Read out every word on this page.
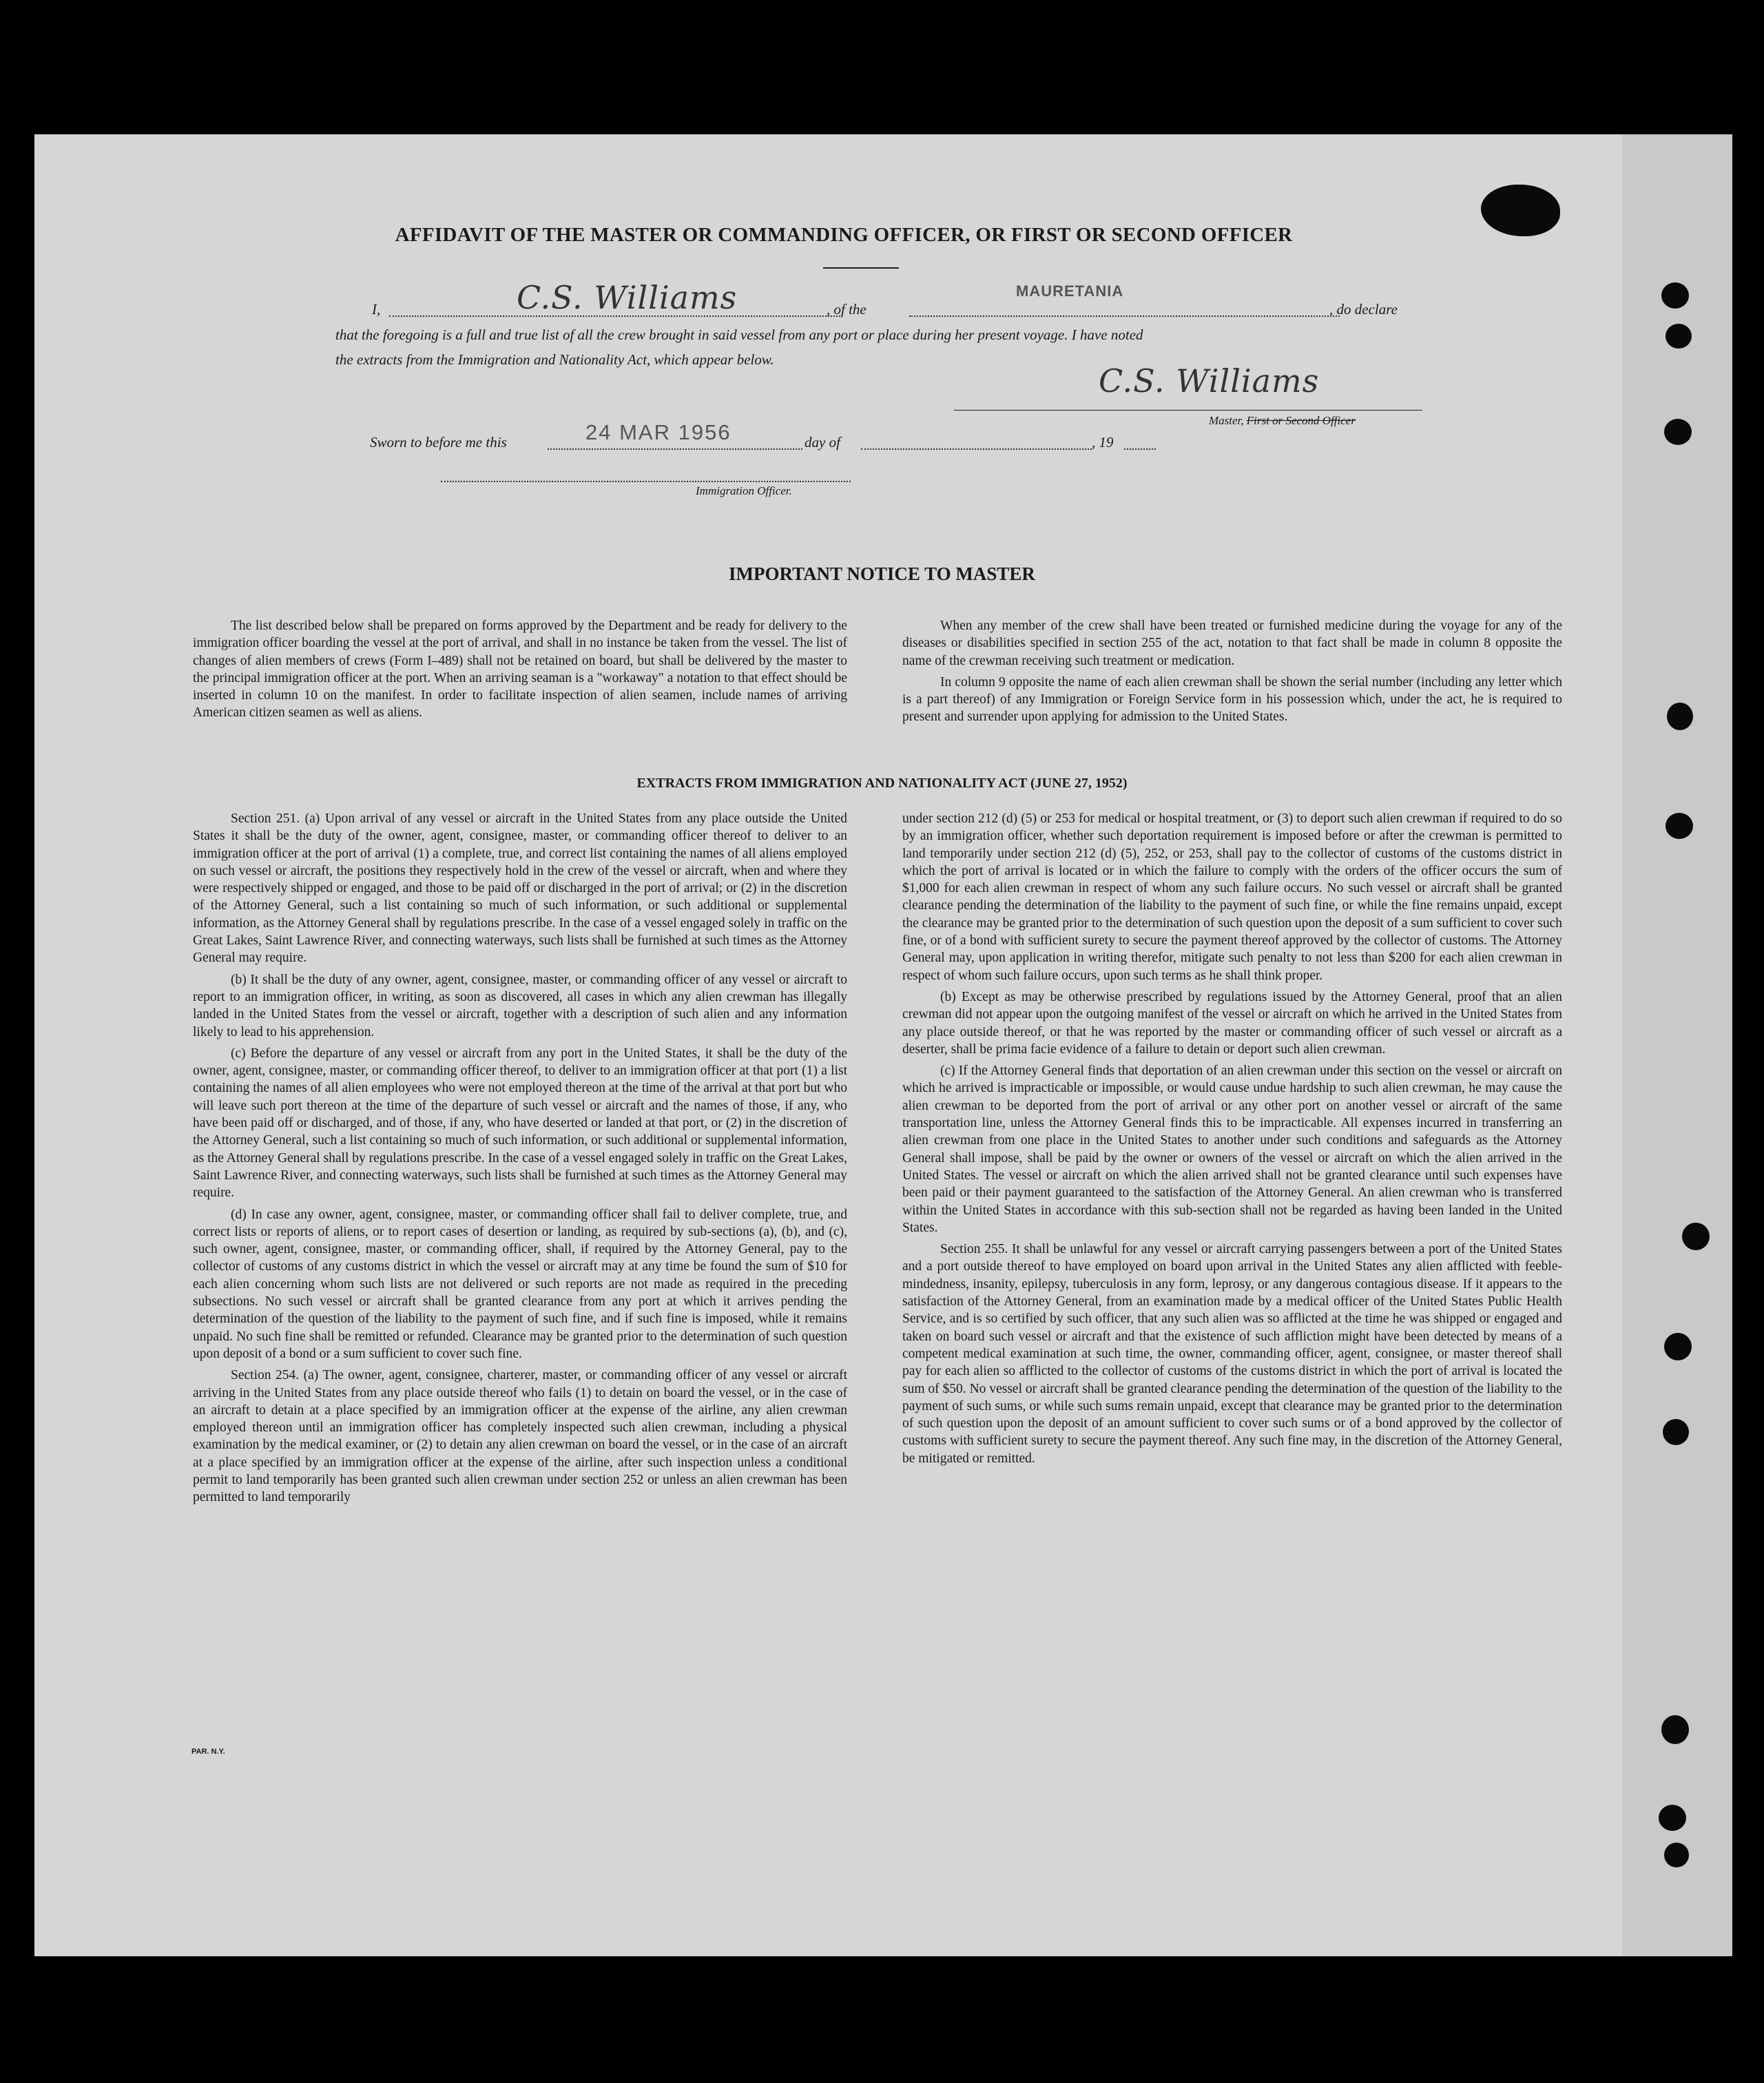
AFFIDAVIT OF THE MASTER OR COMMANDING OFFICER, OR FIRST OR SECOND OFFICER
I,	C.S. Williams	, of the
MAURETANIA
, do declare
that the foregoing is a full and true list of all the crew brought in said vessel from any port or place during her present voyage. I have noted
the extracts from the Immigration and Nationality Act, which appear below.
C.S. Williams
Master, First or Second Officer
Sworn to before me this	24 MAR 1956	day of	, 19
Immigration Officer.
IMPORTANT NOTICE TO MASTER

The list described below shall be prepared on forms approved by the Department and be ready for delivery to the immigration officer boarding the vessel at the port of arrival, and shall in no instance be taken from the vessel. The list of changes of alien members of crews (Form I–489) shall not be retained on board, but shall be delivered by the master to the principal immigration officer at the port. When an arriving seaman is a "workaway" a notation to that effect should be inserted in column 10 on the manifest. In order to facilitate inspection of alien seamen, include names of arriving American citizen seamen as well as aliens.

When any member of the crew shall have been treated or furnished medicine during the voyage for any of the diseases or disabilities specified in section 255 of the act, notation to that fact shall be made in column 8 opposite the name of the crewman receiving such treatment or medication.

In column 9 opposite the name of each alien crewman shall be shown the serial number (including any letter which is a part thereof) of any Immigration or Foreign Service form in his possession which, under the act, he is required to present and surrender upon applying for admission to the United States.

EXTRACTS FROM IMMIGRATION AND NATIONALITY ACT (JUNE 27, 1952)

Section 251. (a) Upon arrival of any vessel or aircraft in the United States from any place outside the United States it shall be the duty of the owner, agent, consignee, master, or commanding officer thereof to deliver to an immigration officer at the port of arrival (1) a complete, true, and correct list containing the names of all aliens employed on such vessel or aircraft, the positions they respectively hold in the crew of the vessel or aircraft, when and where they were respectively shipped or engaged, and those to be paid off or discharged in the port of arrival; or (2) in the discretion of the Attorney General, such a list containing so much of such information, or such additional or supplemental information, as the Attorney General shall by regulations prescribe. In the case of a vessel engaged solely in traffic on the Great Lakes, Saint Lawrence River, and connecting waterways, such lists shall be furnished at such times as the Attorney General may require.

(b) It shall be the duty of any owner, agent, consignee, master, or commanding officer of any vessel or aircraft to report to an immigration officer, in writing, as soon as discovered, all cases in which any alien crewman has illegally landed in the United States from the vessel or aircraft, together with a description of such alien and any information likely to lead to his apprehension.

(c) Before the departure of any vessel or aircraft from any port in the United States, it shall be the duty of the owner, agent, consignee, master, or commanding officer thereof, to deliver to an immigration officer at that port (1) a list containing the names of all alien employees who were not employed thereon at the time of the arrival at that port but who will leave such port thereon at the time of the departure of such vessel or aircraft and the names of those, if any, who have been paid off or discharged, and of those, if any, who have deserted or landed at that port, or (2) in the discretion of the Attorney General, such a list containing so much of such information, or such additional or supplemental information, as the Attorney General shall by regulations prescribe. In the case of a vessel engaged solely in traffic on the Great Lakes, Saint Lawrence River, and connecting waterways, such lists shall be furnished at such times as the Attorney General may require.

(d) In case any owner, agent, consignee, master, or commanding officer shall fail to deliver complete, true, and correct lists or reports of aliens, or to report cases of desertion or landing, as required by sub-sections (a), (b), and (c), such owner, agent, consignee, master, or commanding officer, shall, if required by the Attorney General, pay to the collector of customs of any customs district in which the vessel or aircraft may at any time be found the sum of $10 for each alien concerning whom such lists are not delivered or such reports are not made as required in the preceding subsections. No such vessel or aircraft shall be granted clearance from any port at which it arrives pending the determination of the question of the liability to the payment of such fine, and if such fine is imposed, while it remains unpaid. No such fine shall be remitted or refunded. Clearance may be granted prior to the determination of such question upon deposit of a bond or a sum sufficient to cover such fine.

Section 254. (a) The owner, agent, consignee, charterer, master, or commanding officer of any vessel or aircraft arriving in the United States from any place outside thereof who fails (1) to detain on board the vessel, or in the case of an aircraft to detain at a place specified by an immigration officer at the expense of the airline, any alien crewman employed thereon until an immigration officer has completely inspected such alien crewman, including a physical examination by the medical examiner, or (2) to detain any alien crewman on board the vessel, or in the case of an aircraft at a place specified by an immigration officer at the expense of the airline, after such inspection unless a conditional permit to land temporarily has been granted such alien crewman under section 252 or unless an alien crewman has been permitted to land temporarily

under section 212 (d) (5) or 253 for medical or hospital treatment, or (3) to deport such alien crewman if required to do so by an immigration officer, whether such deportation requirement is imposed before or after the crewman is permitted to land temporarily under section 212 (d) (5), 252, or 253, shall pay to the collector of customs of the customs district in which the port of arrival is located or in which the failure to comply with the orders of the officer occurs the sum of $1,000 for each alien crewman in respect of whom any such failure occurs. No such vessel or aircraft shall be granted clearance pending the determination of the liability to the payment of such fine, or while the fine remains unpaid, except the clearance may be granted prior to the determination of such question upon the deposit of a sum sufficient to cover such fine, or of a bond with sufficient surety to secure the payment thereof approved by the collector of customs. The Attorney General may, upon application in writing therefor, mitigate such penalty to not less than $200 for each alien crewman in respect of whom such failure occurs, upon such terms as he shall think proper.

(b) Except as may be otherwise prescribed by regulations issued by the Attorney General, proof that an alien crewman did not appear upon the outgoing manifest of the vessel or aircraft on which he arrived in the United States from any place outside thereof, or that he was reported by the master or commanding officer of such vessel or aircraft as a deserter, shall be prima facie evidence of a failure to detain or deport such alien crewman.

(c) If the Attorney General finds that deportation of an alien crewman under this section on the vessel or aircraft on which he arrived is impracticable or impossible, or would cause undue hardship to such alien crewman, he may cause the alien crewman to be deported from the port of arrival or any other port on another vessel or aircraft of the same transportation line, unless the Attorney General finds this to be impracticable. All expenses incurred in transferring an alien crewman from one place in the United States to another under such conditions and safeguards as the Attorney General shall impose, shall be paid by the owner or owners of the vessel or aircraft on which the alien arrived in the United States. The vessel or aircraft on which the alien arrived shall not be granted clearance until such expenses have been paid or their payment guaranteed to the satisfaction of the Attorney General. An alien crewman who is transferred within the United States in accordance with this sub-section shall not be regarded as having been landed in the United States.

Section 255. It shall be unlawful for any vessel or aircraft carrying passengers between a port of the United States and a port outside thereof to have employed on board upon arrival in the United States any alien afflicted with feeble-mindedness, insanity, epilepsy, tuberculosis in any form, leprosy, or any dangerous contagious disease. If it appears to the satisfaction of the Attorney General, from an examination made by a medical officer of the United States Public Health Service, and is so certified by such officer, that any such alien was so afflicted at the time he was shipped or engaged and taken on board such vessel or aircraft and that the existence of such affliction might have been detected by means of a competent medical examination at such time, the owner, commanding officer, agent, consignee, or master thereof shall pay for each alien so afflicted to the collector of customs of the customs district in which the port of arrival is located the sum of $50. No vessel or aircraft shall be granted clearance pending the determination of the question of the liability to the payment of such sums, or while such sums remain unpaid, except that clearance may be granted prior to the determination of such question upon the deposit of an amount sufficient to cover such sums or of a bond approved by the collector of customs with sufficient surety to secure the payment thereof. Any such fine may, in the discretion of the Attorney General, be mitigated or remitted.

PAR. N.Y.
